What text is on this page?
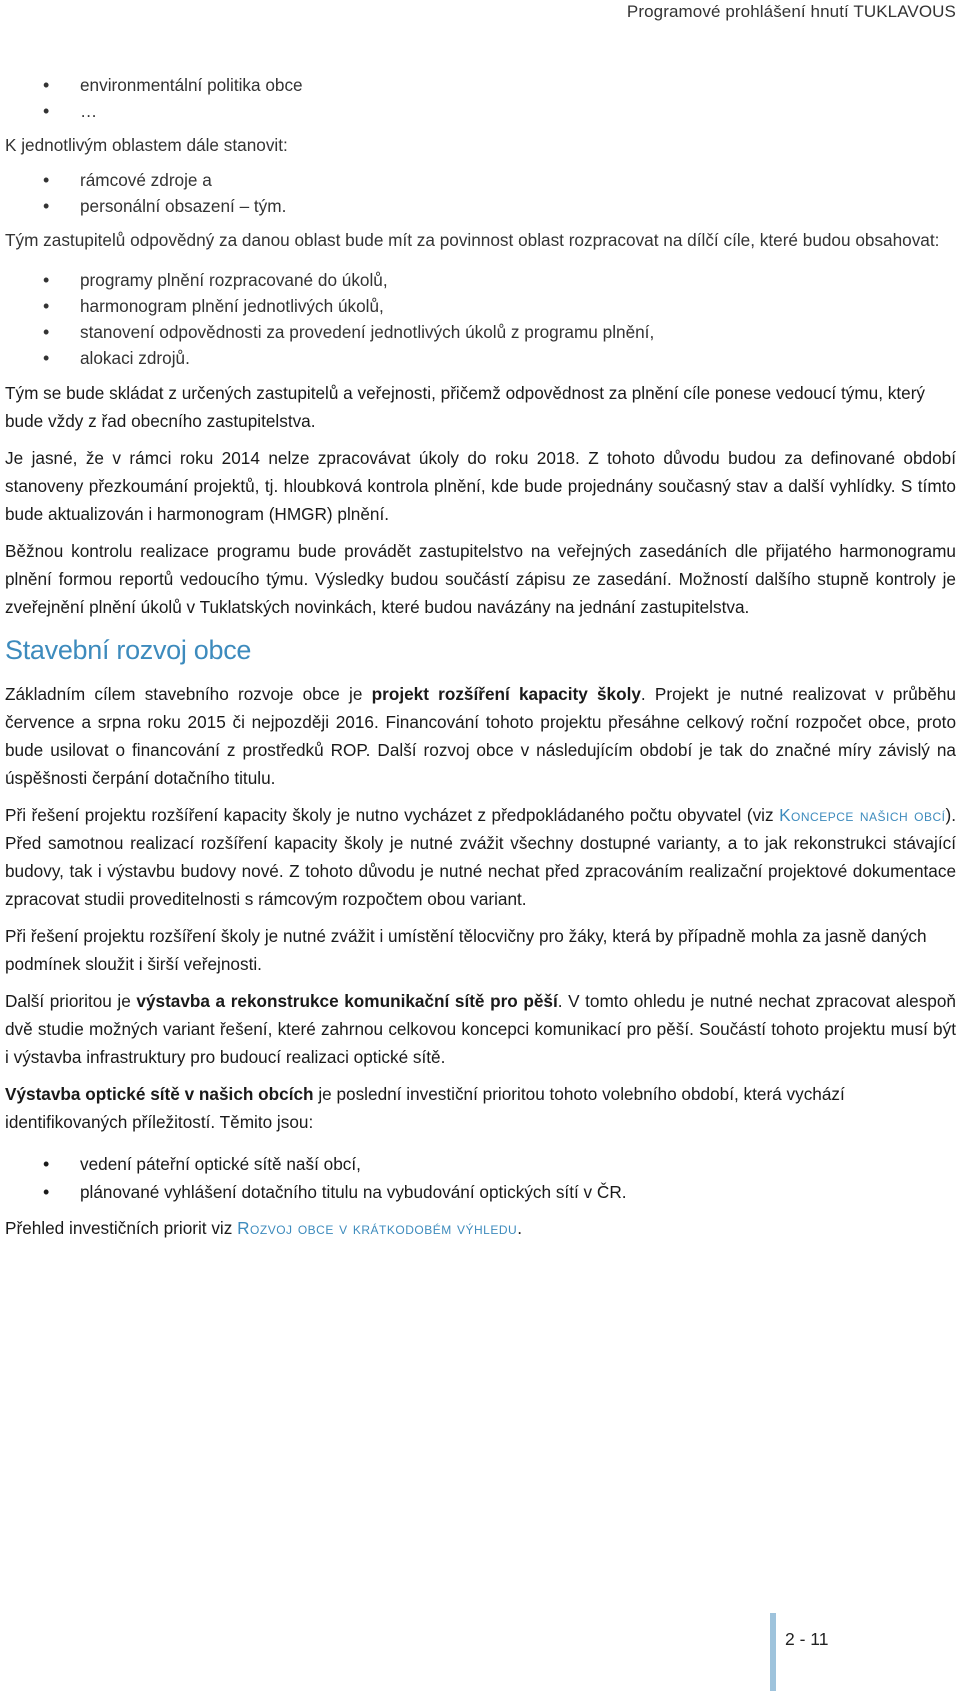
Programové prohlášení hnutí TUKLAVOUS
• environmentální politika obce
• …

K jednotlivým oblastem dále stanovit:

• rámcové zdroje a
• personální obsazení – tým.

Tým zastupitelů odpovědný za danou oblast bude mít za povinnost oblast rozpracovat na dílčí cíle, které budou obsahovat:

• programy plnění rozpracované do úkolů,
• harmonogram plnění jednotlivých úkolů,
• stanovení odpovědnosti za provedení jednotlivých úkolů z programu plnění,
• alokaci zdrojů.

Tým se bude skládat z určených zastupitelů a veřejnosti, přičemž odpovědnost za plnění cíle ponese vedoucí týmu, který bude vždy z řad obecního zastupitelstva.

Je jasné, že v rámci roku 2014 nelze zpracovávat úkoly do roku 2018. Z tohoto důvodu budou za definované období stanoveny přezkoumání projektů, tj. hloubková kontrola plnění, kde bude projednány současný stav a další vyhlídky. S tímto bude aktualizován i harmonogram (HMGR) plnění.

Běžnou kontrolu realizace programu bude provádět zastupitelstvo na veřejných zasedáních dle přijatého harmonogramu plnění formou reportů vedoucího týmu. Výsledky budou součástí zápisu ze zasedání. Možností dalšího stupně kontroly je zveřejnění plnění úkolů v Tuklatských novinkách, které budou navázány na jednání zastupitelstva.

Stavební rozvoj obce

Základním cílem stavebního rozvoje obce je projekt rozšíření kapacity školy. Projekt je nutné realizovat v průběhu července a srpna roku 2015 či nejpozději 2016. Financování tohoto projektu přesáhne celkový roční rozpočet obce, proto bude usilovat o financování z prostředků ROP. Další rozvoj obce v následujícím období je tak do značné míry závislý na úspěšnosti čerpání dotačního titulu.

Při řešení projektu rozšíření kapacity školy je nutno vycházet z předpokládaného počtu obyvatel (viz Koncepce našich obcí). Před samotnou realizací rozšíření kapacity školy je nutné zvážit všechny dostupné varianty, a to jak rekonstrukci stávající budovy, tak i výstavbu budovy nové. Z tohoto důvodu je nutné nechat před zpracováním realizační projektové dokumentace zpracovat studii proveditelnosti s rámcovým rozpočtem obou variant.

Při řešení projektu rozšíření školy je nutné zvážit i umístění tělocvičny pro žáky, která by případně mohla za jasně daných podmínek sloužit i širší veřejnosti.

Další prioritou je výstavba a rekonstrukce komunikační sítě pro pěší. V tomto ohledu je nutné nechat zpracovat alespoň dvě studie možných variant řešení, které zahrnou celkovou koncepci komunikací pro pěší. Součástí tohoto projektu musí být i výstavba infrastruktury pro budoucí realizaci optické sítě.

Výstavba optické sítě v našich obcích je poslední investiční prioritou tohoto volebního období, která vychází identifikovaných příležitostí. Těmito jsou:

• vedení páteřní optické sítě naší obcí,
• plánované vyhlášení dotačního titulu na vybudování optických sítí v ČR.

Přehled investičních priorit viz Rozvoj obce v krátkodobém výhledu.

2 - 11
